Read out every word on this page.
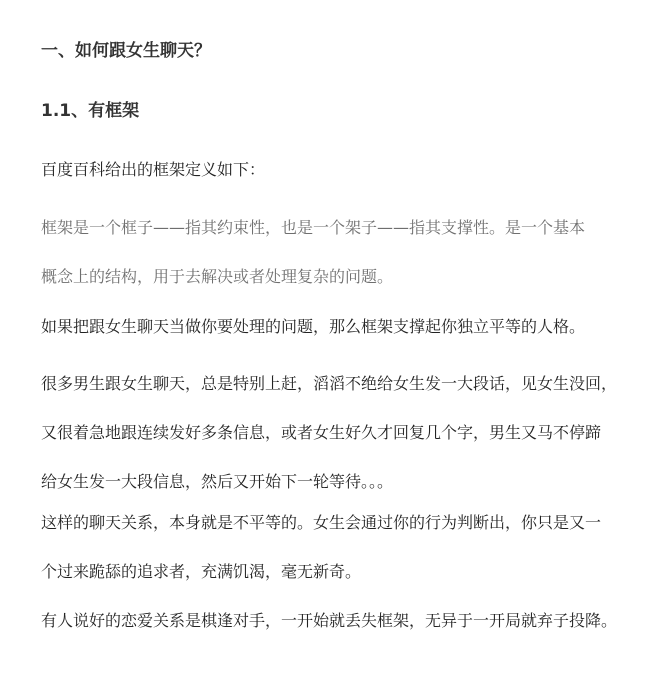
一、如何跟女生聊天？
1.1、有框架

百度百科给出的框架定义如下：

框架是一个框子——指其约束性，也是一个架子——指其支撑性。是一个基本
概念上的结构，用于去解决或者处理复杂的问题。

如果把跟女生聊天当做你要处理的问题，那么框架支撑起你独立平等的人格。

很多男生跟女生聊天，总是特别上赶，滔滔不绝给女生发一大段话，见女生没回，
又很着急地跟连续发好多条信息，或者女生好久才回复几个字，男生又马不停蹄
给女生发一大段信息，然后又开始下一轮等待。。。

这样的聊天关系，本身就是不平等的。女生会通过你的行为判断出，你只是又一
个过来跪舔的追求者，充满饥渴，毫无新奇。

有人说好的恋爱关系是棋逢对手，一开始就丢失框架，无异于一开局就弃子投降。
